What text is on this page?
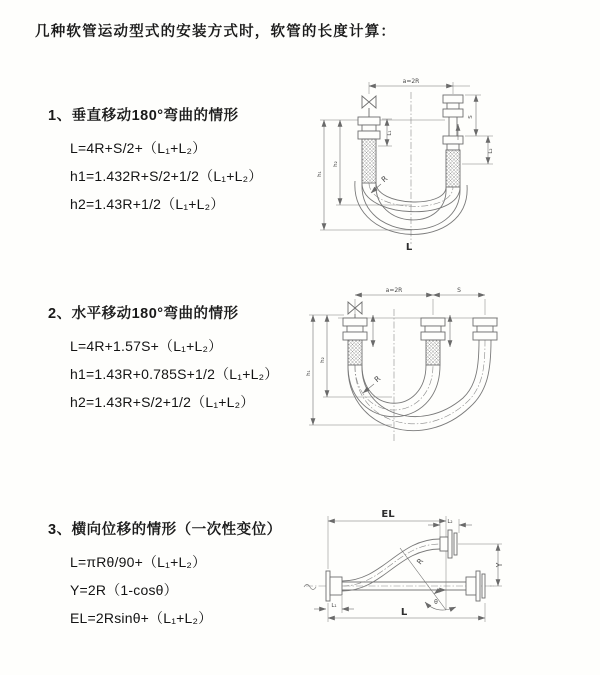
几种软管运动型式的安装方式时，软管的长度计算：
1、垂直移动180°弯曲的情形
L=4R+S/2+（L₁+L₂）
h1=1.432R+S/2+1/2（L₁+L₂）
h2=1.43R+1/2（L₁+L₂）
a=2R
h₁
h₂
S
L₂
L₁
R
L
2、水平移动180°弯曲的情形
L=4R+1.57S+（L₁+L₂）
h1=1.43R+0.785S+1/2（L₁+L₂）
h2=1.43R+S/2+1/2（L₁+L₂）
a=2R	S
h₁
h₂
R
3、横向位移的情形（一次性变位）
L=πRθ/90+（L₁+L₂）
Y=2R（1-cosθ）
EL=2Rsinθ+（L₁+L₂）
EL
L₂
θ
R	Y
L₁
L
